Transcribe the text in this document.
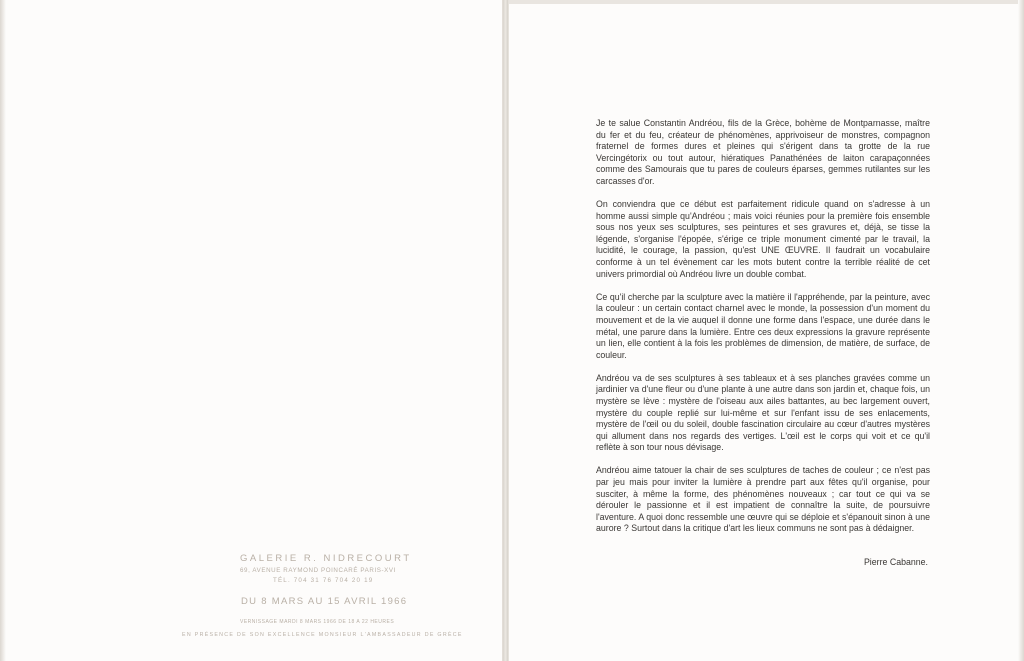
GALERIE R. NIDRECOURT
69, AVENUE RAYMOND POINCARÉ PARIS-XVI
TÉL. 704 31 76 704 20 19
DU 8 MARS AU 15 AVRIL 1966
VERNISSAGE MARDI 8 MARS 1966 DE 18 A 22 HEURES
EN PRÉSENCE DE SON EXCELLENCE MONSIEUR L'AMBASSADEUR DE GRÈCE

Je te salue Constantin Andréou, fils de la Grèce, bohème de Montparnasse, maître du fer et du feu, créateur de phénomènes, apprivoiseur de monstres, compagnon fraternel de formes dures et pleines qui s'érigent dans ta grotte de la rue Vercingétorix ou tout autour, hiératiques Panathénées de laiton carapaçonnées comme des Samourais que tu pares de couleurs éparses, gemmes rutilantes sur les carcasses d'or.

On conviendra que ce début est parfaitement ridicule quand on s'adresse à un homme aussi simple qu'Andréou ; mais voici réunies pour la première fois ensemble sous nos yeux ses sculptures, ses peintures et ses gravures et, déjà, se tisse la légende, s'organise l'épopée, s'érige ce triple monument cimenté par le travail, la lucidité, le courage, la passion, qu'est UNE ŒUVRE. Il faudrait un vocabulaire conforme à un tel évènement car les mots butent contre la terrible réalité de cet univers primordial où Andréou livre un double combat.

Ce qu'il cherche par la sculpture avec la matière il l'appréhende, par la peinture, avec la couleur : un certain contact charnel avec le monde, la possession d'un moment du mouvement et de la vie auquel il donne une forme dans l'espace, une durée dans le métal, une parure dans la lumière. Entre ces deux expressions la gravure représente un lien, elle contient à la fois les problèmes de dimension, de matière, de surface, de couleur.

Andréou va de ses sculptures à ses tableaux et à ses planches gravées comme un jardinier va d'une fleur ou d'une plante à une autre dans son jardin et, chaque fois, un mystère se lève : mystère de l'oiseau aux ailes battantes, au bec largement ouvert, mystère du couple replié sur lui-même et sur l'enfant issu de ses enlacements, mystère de l'œil ou du soleil, double fascination circulaire au cœur d'autres mystères qui allument dans nos regards des vertiges. L'œil est le corps qui voit et ce qu'il reflète à son tour nous dévisage.

Andréou aime tatouer la chair de ses sculptures de taches de couleur ; ce n'est pas par jeu mais pour inviter la lumière à prendre part aux fêtes qu'il organise, pour susciter, à même la forme, des phénomènes nouveaux ; car tout ce qui va se dérouler le passionne et il est impatient de connaître la suite, de poursuivre l'aventure. A quoi donc ressemble une œuvre qui se déploie et s'épanouit sinon à une aurore ? Surtout dans la critique d'art les lieux communs ne sont pas à dédaigner.

Pierre Cabanne.
